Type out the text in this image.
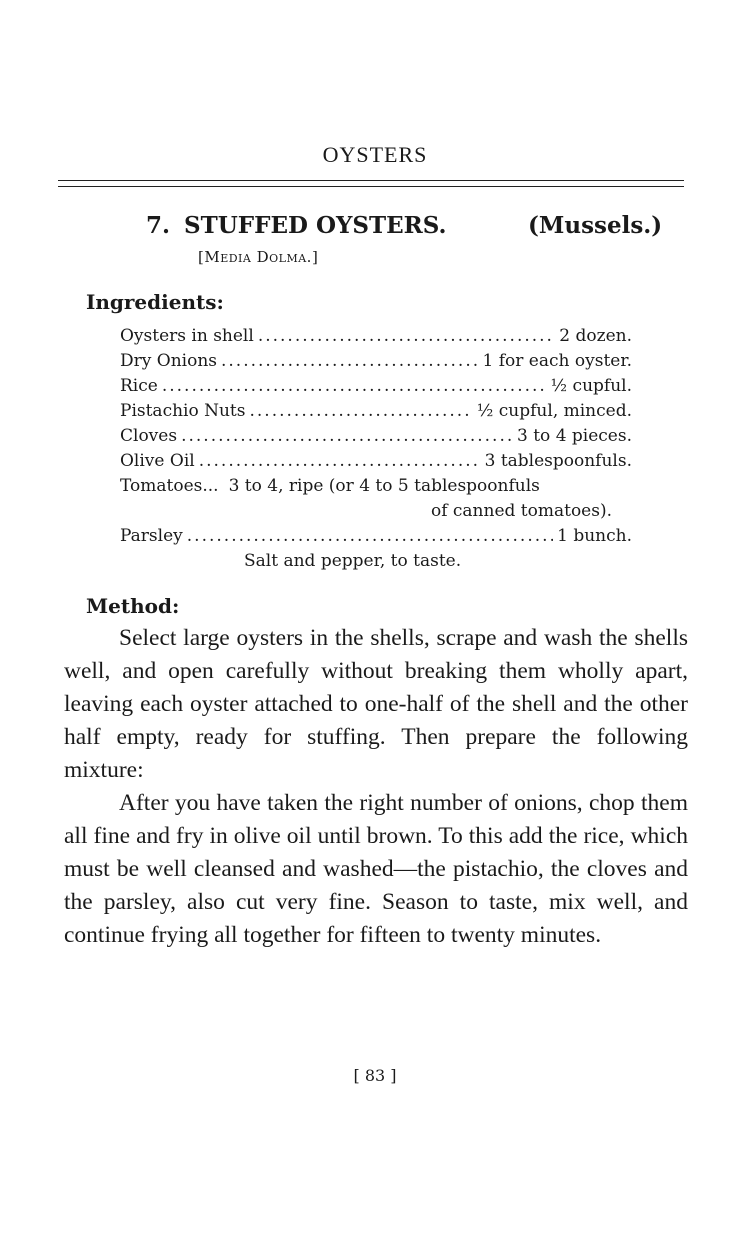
OYSTERS
7. STUFFED OYSTERS.	(Mussels.)
[Media Dolma.]
Ingredients:
Oysters in shell .....	2 dozen.
Dry Onions .....	1 for each oyster.
Rice .....	½ cupful.
Pistachio Nuts .....	½ cupful, minced.
Cloves .....	3 to 4 pieces.
Olive Oil .....	3 tablespoonfuls.
Tomatoes... 3 to 4, ripe (or 4 to 5 tablespoonfuls
of canned tomatoes).
Parsley .....	1 bunch.
Salt and pepper, to taste.
Method:

Select large oysters in the shells, scrape and wash the shells well, and open carefully without breaking them wholly apart, leaving each oyster attached to one-half of the shell and the other half empty, ready for stuffing. Then prepare the following mixture:

After you have taken the right number of onions, chop them all fine and fry in olive oil until brown. To this add the rice, which must be well cleansed and washed—the pistachio, the cloves and the parsley, also cut very fine. Season to taste, mix well, and continue frying all together for fifteen to twenty minutes.

[ 83 ]
